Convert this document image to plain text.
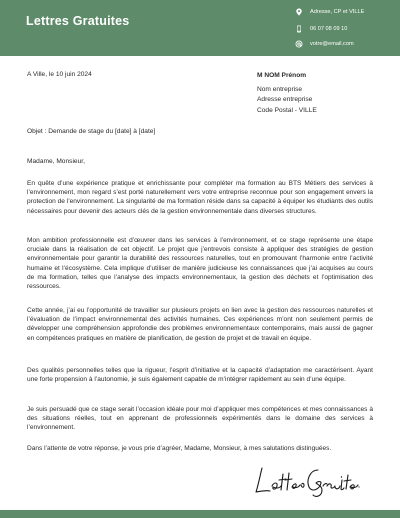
Lettres Gratuites
Adresse, CP et VILLE
06 07 08 09 10
votre@email.com
A Ville, le 10 juin 2024	M NOM Prénom
Nom entreprise
Adresse entreprise
Code Postal - VILLE
Objet : Demande de stage du [date] à [date]
Madame, Monsieur,

En quête d’une expérience pratique et enrichissante pour compléter ma formation au BTS Métiers des services à l’environnement, mon regard s’est porté naturellement vers votre entreprise reconnue pour son engagement envers la protection de l’environnement. La singularité de ma formation réside dans sa capacité à équiper les étudiants des outils nécessaires pour devenir des acteurs clés de la gestion environnementale dans diverses structures.

Mon ambition professionnelle est d’œuvrer dans les services à l’environnement, et ce stage représente une étape cruciale dans la réalisation de cet objectif. Le projet que j’entrevois consiste à appliquer des stratégies de gestion environnementale pour garantir la durabilité des ressources naturelles, tout en promouvant l’harmonie entre l’activité humaine et l’écosystème. Cela implique d’utiliser de manière judicieuse les connaissances que j’ai acquises au cours de ma formation, telles que l’analyse des impacts environnementaux, la gestion des déchets et l’optimisation des ressources.

Cette année, j’ai eu l’opportunité de travailler sur plusieurs projets en lien avec la gestion des ressources naturelles et l’évaluation de l’impact environnemental des activités humaines. Ces expériences m’ont non seulement permis de développer une compréhension approfondie des problèmes environnementaux contemporains, mais aussi de gagner en compétences pratiques en matière de planification, de gestion de projet et de travail en équipe.

Des qualités personnelles telles que la rigueur, l’esprit d’initiative et la capacité d’adaptation me caractérisent. Ayant une forte propension à l’autonomie, je suis également capable de m’intégrer rapidement au sein d’une équipe.

Je suis persuadé que ce stage serait l’occasion idéale pour moi d’appliquer mes compétences et mes connaissances à des situations réelles, tout en apprenant de professionnels expérimentés dans le domaine des services à l’environnement.

Dans l’attente de votre réponse, je vous prie d’agréer, Madame, Monsieur, à mes salutations distinguées.
